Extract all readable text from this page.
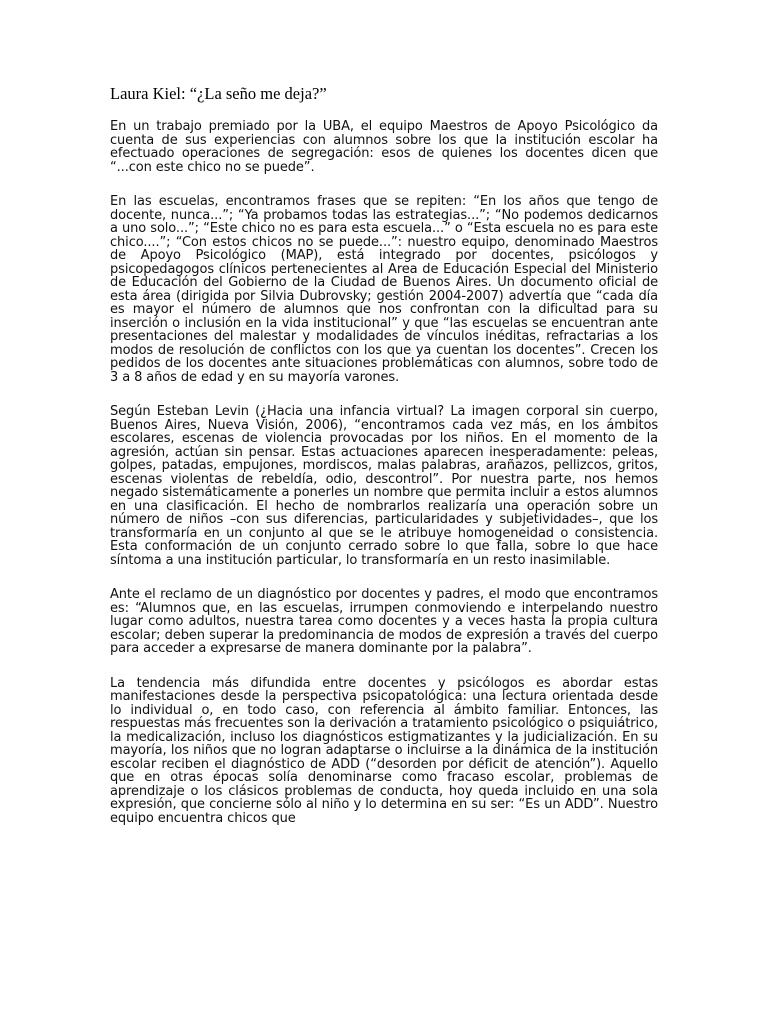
Laura Kiel: “¿La seño me deja?”

En un trabajo premiado por la UBA, el equipo Maestros de Apoyo Psicológico da cuenta de sus experiencias con alumnos sobre los que la institución escolar ha efectuado operaciones de segregación: esos de quienes los docentes dicen que “...con este chico no se puede”.

En las escuelas, encontramos frases que se repiten: “En los años que tengo de docente, nunca...”; “Ya probamos todas las estrategias...”; “No podemos dedicarnos a uno solo...”; “Este chico no es para esta escuela...” o “Esta escuela no es para este chico....”; “Con estos chicos no se puede...”: nuestro equipo, denominado Maestros de Apoyo Psicológico (MAP), está integrado por docentes, psicólogos y psicopedagogos clínicos pertenecientes al Area de Educación Especial del Ministerio de Educación del Gobierno de la Ciudad de Buenos Aires. Un documento oficial de esta área (dirigida por Silvia Dubrovsky; gestión 2004-2007) advertía que “cada día es mayor el número de alumnos que nos confrontan con la dificultad para su inserción o inclusión en la vida institucional” y que “las escuelas se encuentran ante presentaciones del malestar y modalidades de vínculos inéditas, refractarias a los modos de resolución de conflictos con los que ya cuentan los docentes”. Crecen los pedidos de los docentes ante situaciones problemáticas con alumnos, sobre todo de 3 a 8 años de edad y en su mayoría varones.

Según Esteban Levin (¿Hacia una infancia virtual? La imagen corporal sin cuerpo, Buenos Aires, Nueva Visión, 2006), “encontramos cada vez más, en los ámbitos escolares, escenas de violencia provocadas por los niños. En el momento de la agresión, actúan sin pensar. Estas actuaciones aparecen inesperadamente: peleas, golpes, patadas, empujones, mordiscos, malas palabras, arañazos, pellizcos, gritos, escenas violentas de rebeldía, odio, descontrol”. Por nuestra parte, nos hemos negado sistemáticamente a ponerles un nombre que permita incluir a estos alumnos en una clasificación. El hecho de nombrarlos realizaría una operación sobre un número de niños –con sus diferencias, particularidades y subjetividades–, que los transformaría en un conjunto al que se le atribuye homogeneidad o consistencia. Esta conformación de un conjunto cerrado sobre lo que falla, sobre lo que hace síntoma a una institución particular, lo transformaría en un resto inasimilable.

Ante el reclamo de un diagnóstico por docentes y padres, el modo que encontramos es: “Alumnos que, en las escuelas, irrumpen conmoviendo e interpelando nuestro lugar como adultos, nuestra tarea como docentes y a veces hasta la propia cultura escolar; deben superar la predominancia de modos de expresión a través del cuerpo para acceder a expresarse de manera dominante por la palabra”.

La tendencia más difundida entre docentes y psicólogos es abordar estas manifestaciones desde la perspectiva psicopatológica: una lectura orientada desde lo individual o, en todo caso, con referencia al ámbito familiar. Entonces, las respuestas más frecuentes son la derivación a tratamiento psicológico o psiquiátrico, la medicalización, incluso los diagnósticos estigmatizantes y la judicialización. En su mayoría, los niños que no logran adaptarse o incluirse a la dinámica de la institución escolar reciben el diagnóstico de ADD (“desorden por déficit de atención”). Aquello que en otras épocas solía denominarse como fracaso escolar, problemas de aprendizaje o los clásicos problemas de conducta, hoy queda incluido en una sola expresión, que concierne sólo al niño y lo determina en su ser: “Es un ADD”. Nuestro equipo encuentra chicos que
